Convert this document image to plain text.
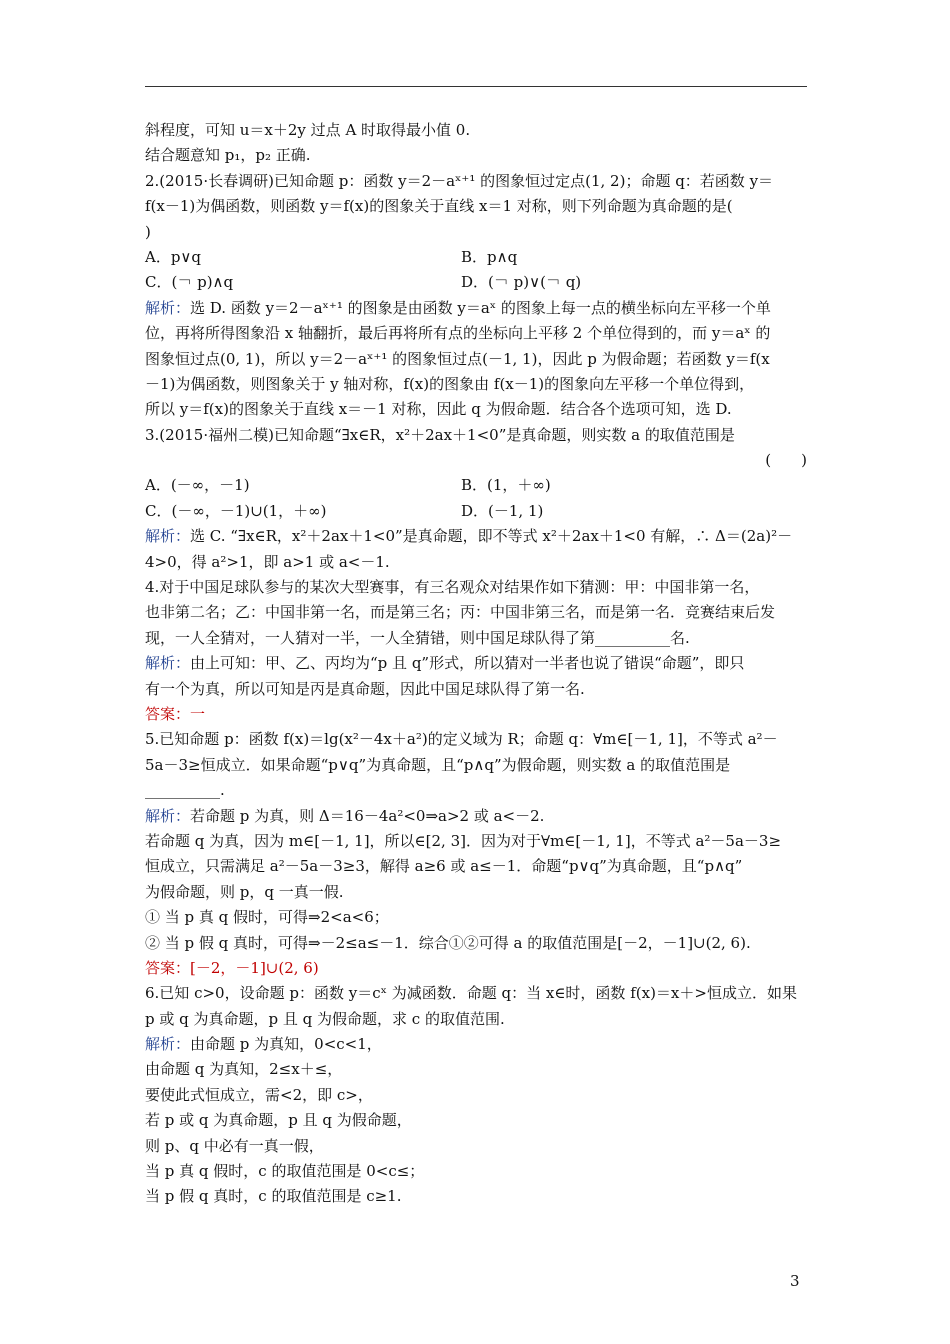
斜程度，可知 u＝x＋2y 过点 A 时取得最小值 0.
结合题意知 p₁，p₂ 正确.
2.(2015·长春调研)已知命题 p：函数 y＝2－aˣ⁺¹ 的图象恒过定点(1, 2)；命题 q：若函数 y＝
f(x－1)为偶函数，则函数 y＝f(x)的图象关于直线 x＝1 对称，则下列命题为真命题的是(
)
A．p∨q	B．p∧q
C．(￢ p)∧q	D．(￢ p)∨(￢ q)
解析：选 D. 函数 y＝2－aˣ⁺¹ 的图象是由函数 y＝aˣ 的图象上每一点的横坐标向左平移一个单
位，再将所得图象沿 x 轴翻折，最后再将所有点的坐标向上平移 2 个单位得到的，而 y＝aˣ 的
图象恒过点(0, 1)，所以 y＝2－aˣ⁺¹ 的图象恒过点(－1, 1)，因此 p 为假命题；若函数 y＝f(x
－1)为偶函数，则图象关于 y 轴对称，f(x)的图象由 f(x－1)的图象向左平移一个单位得到，
所以 y＝f(x)的图象关于直线 x＝－1 对称，因此 q 为假命题．结合各个选项可知，选 D.
3.(2015·福州二模)已知命题“∃x∈R，x²＋2ax＋1<0”是真命题，则实数 a 的取值范围是
(　　)
A．(－∞，－1)	B．(1，＋∞)
C．(－∞，－1)∪(1，＋∞)	D．(－1, 1)
解析：选 C. “∃x∈R，x²＋2ax＋1<0”是真命题，即不等式 x²＋2ax＋1<0 有解，∴ Δ＝(2a)²－
4>0，得 a²>1，即 a>1 或 a<－1.
4.对于中国足球队参与的某次大型赛事，有三名观众对结果作如下猜测：甲：中国非第一名，
也非第二名；乙：中国非第一名，而是第三名；丙：中国非第三名，而是第一名．竞赛结束后发
现，一人全猜对，一人猜对一半，一人全猜错，则中国足球队得了第__________名.
解析：由上可知：甲、乙、丙均为“p 且 q”形式，所以猜对一半者也说了错误“命题”，即只
有一个为真，所以可知是丙是真命题，因此中国足球队得了第一名.
答案：一
5.已知命题 p：函数 f(x)＝lg(x²－4x＋a²)的定义域为 R；命题 q：∀m∈[－1, 1]，不等式 a²－
5a－3≥恒成立．如果命题“p∨q”为真命题，且“p∧q”为假命题，则实数 a 的取值范围是
__________.
解析：若命题 p 为真，则 Δ＝16－4a²<0⇒a>2 或 a<－2.
若命题 q 为真，因为 m∈[－1, 1]，所以∈[2, 3]．因为对于∀m∈[－1, 1]，不等式 a²－5a－3≥
恒成立，只需满足 a²－5a－3≥3，解得 a≥6 或 a≤－1．命题“p∨q”为真命题，且“p∧q”
为假命题，则 p，q 一真一假.
① 当 p 真 q 假时，可得⇒2<a<6；
② 当 p 假 q 真时，可得⇒－2≤a≤－1．综合①②可得 a 的取值范围是[－2，－1]∪(2, 6).
答案：[－2，－1]∪(2, 6)
6.已知 c>0，设命题 p：函数 y＝cˣ 为减函数．命题 q：当 x∈时，函数 f(x)＝x＋>恒成立．如果
p 或 q 为真命题，p 且 q 为假命题，求 c 的取值范围.
解析：由命题 p 为真知，0<c<1，
由命题 q 为真知，2≤x＋≤，
要使此式恒成立，需<2，即 c>，
若 p 或 q 为真命题，p 且 q 为假命题，
则 p、q 中必有一真一假，
当 p 真 q 假时，c 的取值范围是 0<c≤；
当 p 假 q 真时，c 的取值范围是 c≥1.
3
